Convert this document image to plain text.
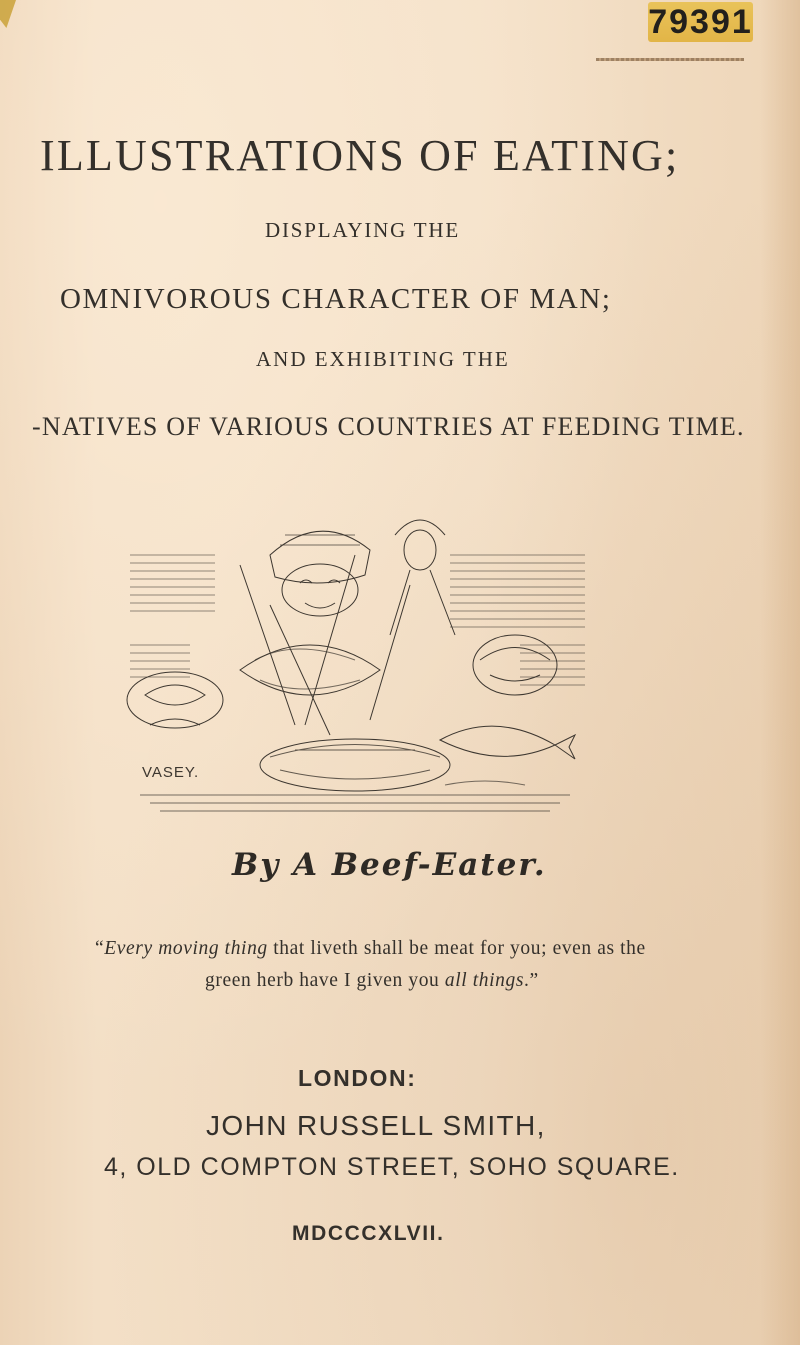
79391
ILLUSTRATIONS OF EATING;
DISPLAYING THE
OMNIVOROUS CHARACTER OF MAN;
AND EXHIBITING THE
-NATIVES OF VARIOUS COUNTRIES AT FEEDING TIME.
VASEY.
By A Beef-Eater.
“Every moving thing that liveth shall be meat for you; even as the
green herb have I given you all things.”
LONDON:
JOHN RUSSELL SMITH,
4, OLD COMPTON STREET, SOHO SQUARE.
MDCCCXLVII.
